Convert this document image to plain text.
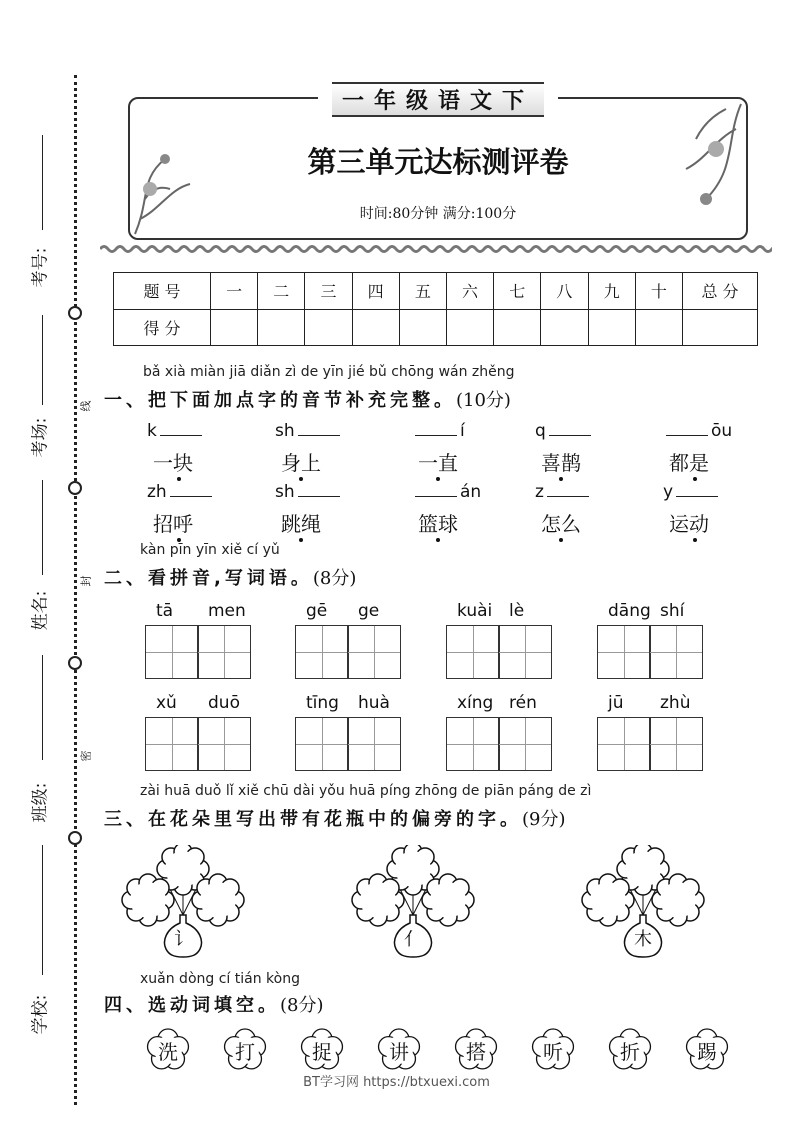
考号:
考场:
姓名:
班级:
学校:
线
封
密
一年级语文下
第三单元达标测评卷
时间:80分钟 满分:100分
题 号	一	二	三	四	五	六	七	八	九	十	总 分
得 分											
bǎ xià miàn jiā diǎn zì de yīn jié bǔ chōng wán zhěng
一、把下面加点字的音节补充完整。(10分)
k
一块
sh
身上
í
一直
q
喜鹊
ōu
都是
zh
招呼
sh
跳绳
án
篮球
z
怎么
y
运动
kàn pīn yīn xiě cí yǔ
二、看拼音,写词语。(8分)
tā men	gē ge	kuài lè	dāng shí
xǔ duō	tīng huà	xíng rén	jū zhù
zài huā duǒ lǐ xiě chū dài yǒu huā píng zhōng de piān páng de zì
三、在花朵里写出带有花瓶中的偏旁的字。(9分)
讠	亻	木
xuǎn dòng cí tián kòng
四、选动词填空。(8分)
洗	打	捉	讲	搭	听	折	踢
BT学习网 https://btxuexi.com
